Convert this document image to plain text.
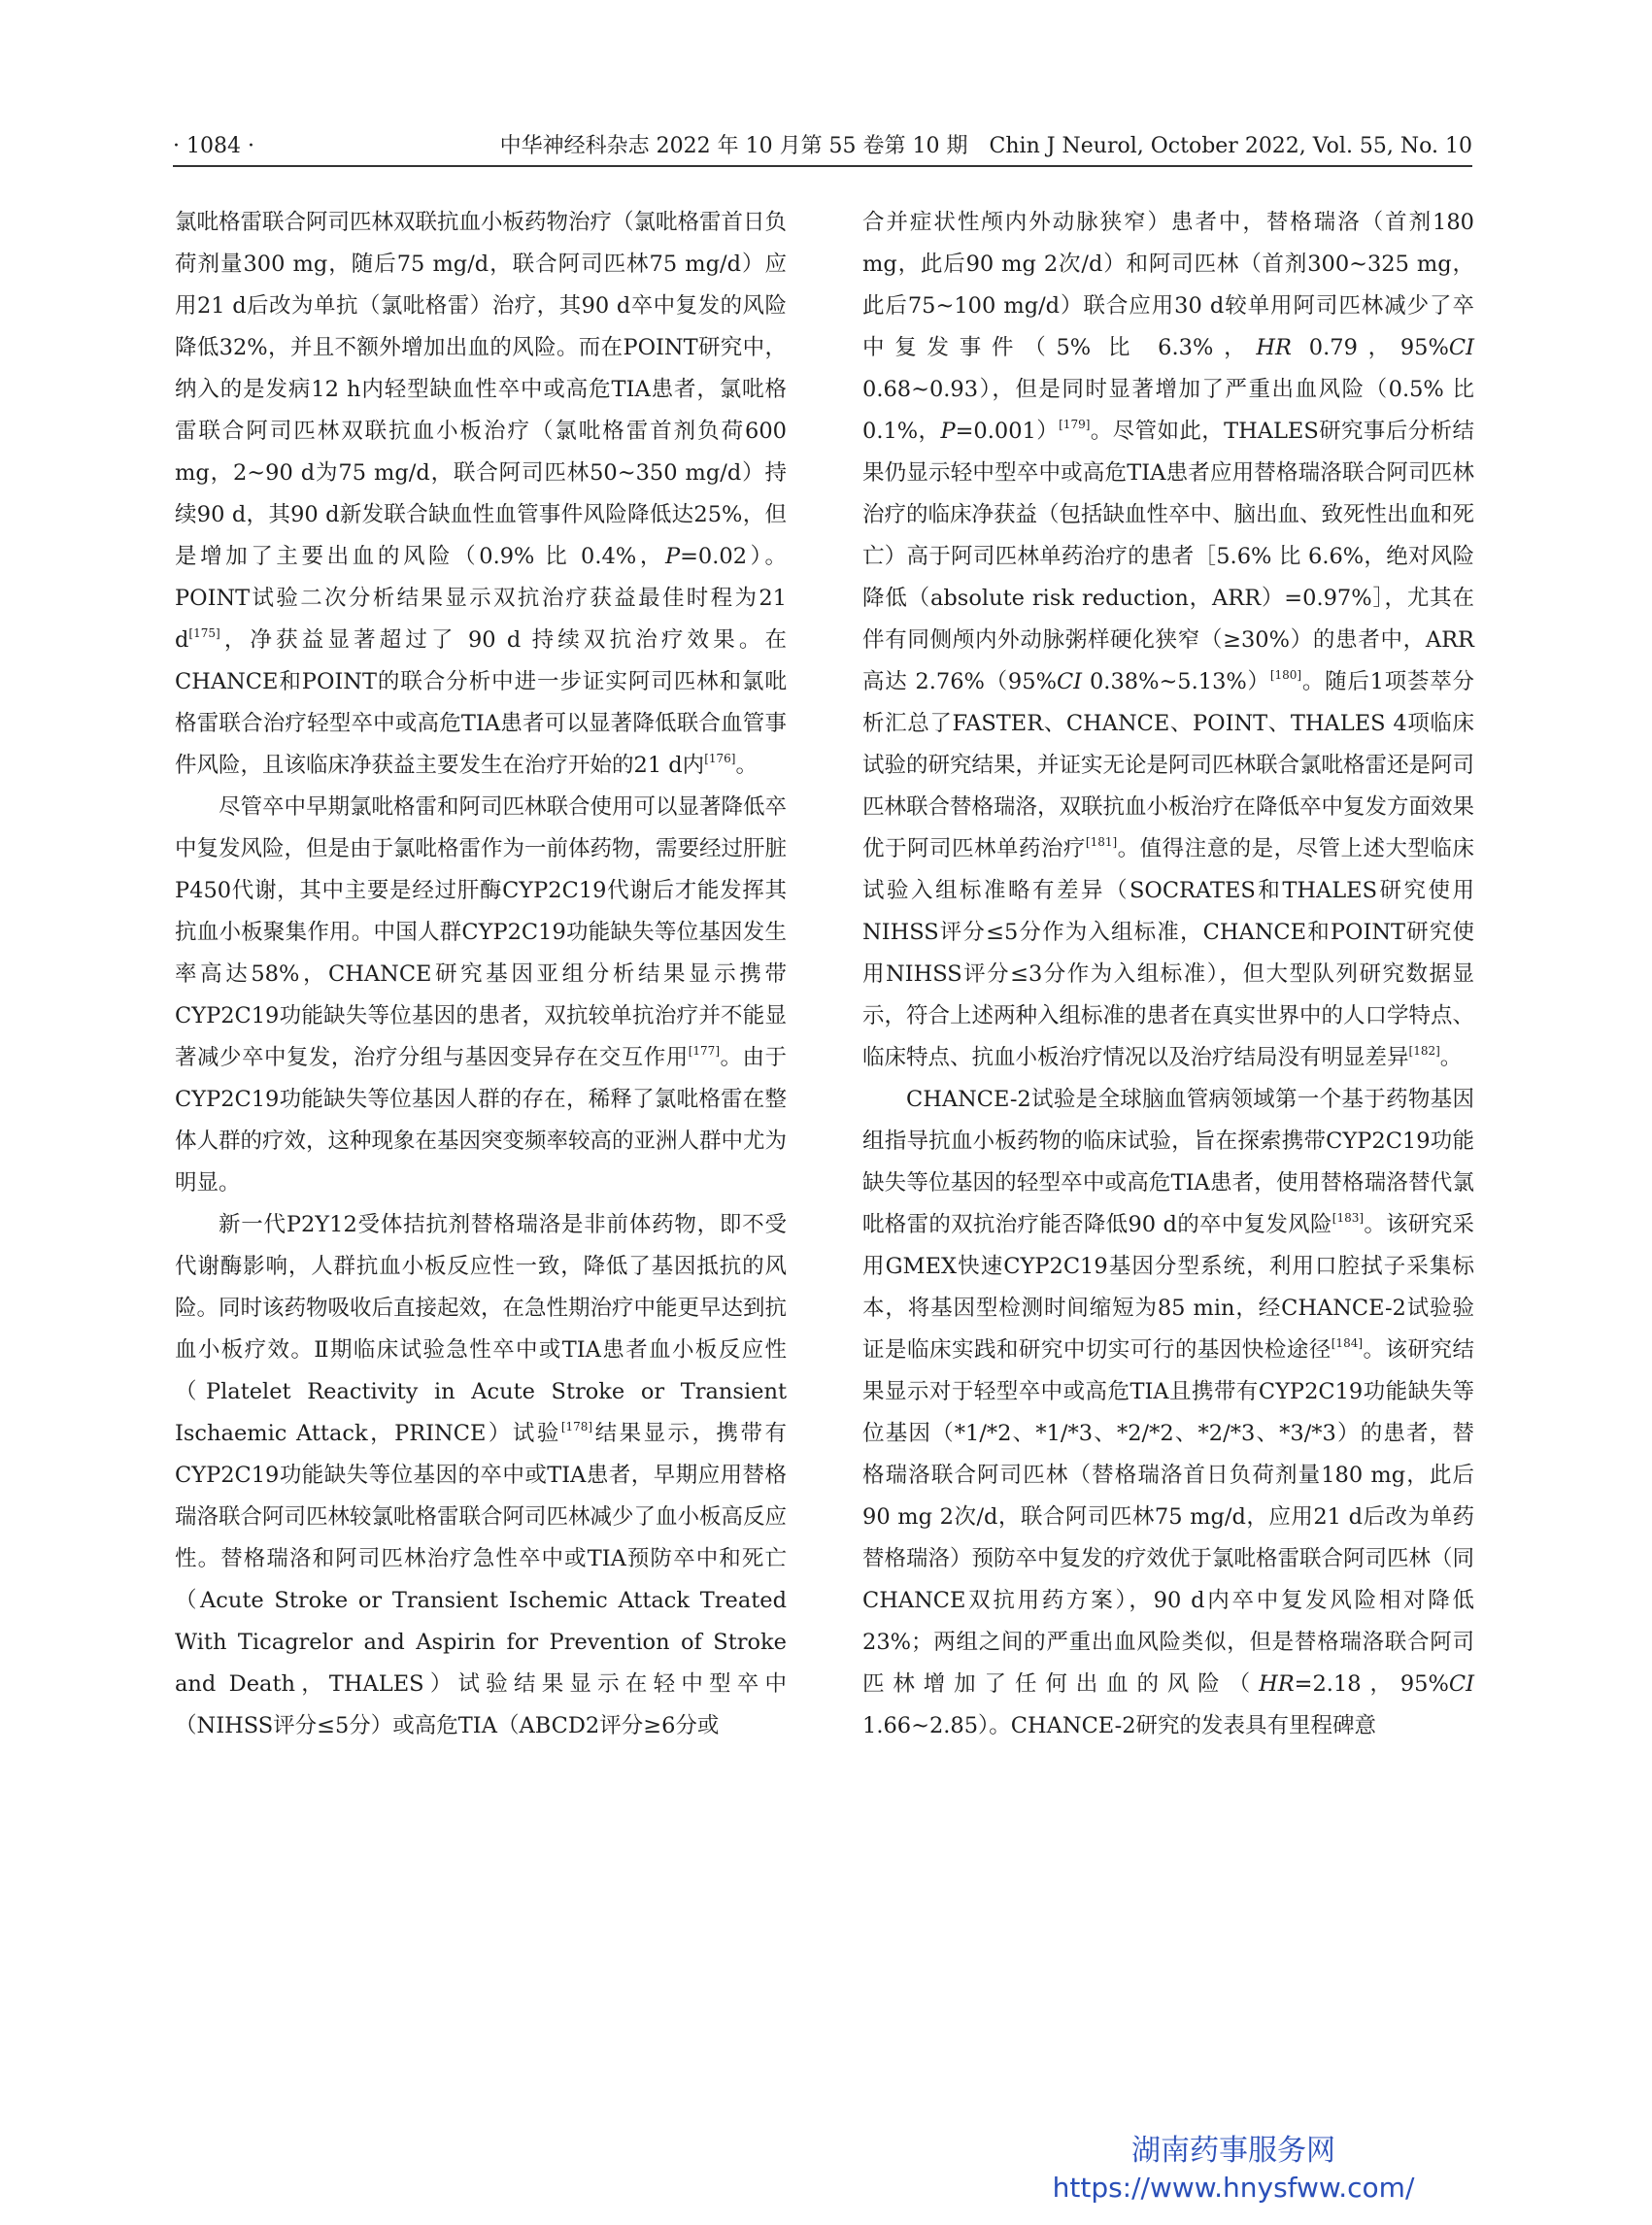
· 1084 ·	中华神经科杂志 2022 年 10 月第 55 卷第 10 期　Chin J Neurol, October 2022, Vol. 55, No. 10

氯吡格雷联合阿司匹林双联抗血小板药物治疗（氯吡格雷首日负荷剂量300 mg，随后75 mg/d，联合阿司匹林75 mg/d）应用21 d后改为单抗（氯吡格雷）治疗，其90 d卒中复发的风险降低32%，并且不额外增加出血的风险。而在POINT研究中，纳入的是发病12 h内轻型缺血性卒中或高危TIA患者，氯吡格雷联合阿司匹林双联抗血小板治疗（氯吡格雷首剂负荷600 mg，2~90 d为75 mg/d，联合阿司匹林50~350 mg/d）持续90 d，其90 d新发联合缺血性血管事件风险降低达25%，但是增加了主要出血的风险（0.9% 比 0.4%，P=0.02）。POINT试验二次分析结果显示双抗治疗获益最佳时程为21 d[175]，净获益显著超过了 90 d 持续双抗治疗效果。在CHANCE和POINT的联合分析中进一步证实阿司匹林和氯吡格雷联合治疗轻型卒中或高危TIA患者可以显著降低联合血管事件风险，且该临床净获益主要发生在治疗开始的21 d内[176]。

尽管卒中早期氯吡格雷和阿司匹林联合使用可以显著降低卒中复发风险，但是由于氯吡格雷作为一前体药物，需要经过肝脏P450代谢，其中主要是经过肝酶CYP2C19代谢后才能发挥其抗血小板聚集作用。中国人群CYP2C19功能缺失等位基因发生率高达58%，CHANCE研究基因亚组分析结果显示携带CYP2C19功能缺失等位基因的患者，双抗较单抗治疗并不能显著减少卒中复发，治疗分组与基因变异存在交互作用[177]。由于CYP2C19功能缺失等位基因人群的存在，稀释了氯吡格雷在整体人群的疗效，这种现象在基因突变频率较高的亚洲人群中尤为明显。

新一代P2Y12受体拮抗剂替格瑞洛是非前体药物，即不受代谢酶影响，人群抗血小板反应性一致，降低了基因抵抗的风险。同时该药物吸收后直接起效，在急性期治疗中能更早达到抗血小板疗效。Ⅱ期临床试验急性卒中或TIA患者血小板反应性（Platelet Reactivity in Acute Stroke or Transient Ischaemic Attack，PRINCE）试验[178]结果显示，携带有CYP2C19功能缺失等位基因的卒中或TIA患者，早期应用替格瑞洛联合阿司匹林较氯吡格雷联合阿司匹林减少了血小板高反应性。替格瑞洛和阿司匹林治疗急性卒中或TIA预防卒中和死亡（Acute Stroke or Transient Ischemic Attack Treated With Ticagrelor and Aspirin for Prevention of Stroke and Death，THALES）试验结果显示在轻中型卒中（NIHSS评分≤5分）或高危TIA（ABCD2评分≥6分或

合并症状性颅内外动脉狭窄）患者中，替格瑞洛（首剂180 mg，此后90 mg 2次/d）和阿司匹林（首剂300~325 mg，此后75~100 mg/d）联合应用30 d较单用阿司匹林减少了卒中复发事件（5% 比 6.3%，HR 0.79，95%CI 0.68~0.93），但是同时显著增加了严重出血风险（0.5% 比 0.1%，P=0.001）[179]。尽管如此，THALES研究事后分析结果仍显示轻中型卒中或高危TIA患者应用替格瑞洛联合阿司匹林治疗的临床净获益（包括缺血性卒中、脑出血、致死性出血和死亡）高于阿司匹林单药治疗的患者［5.6% 比 6.6%，绝对风险降低（absolute risk reduction，ARR）=0.97%］，尤其在伴有同侧颅内外动脉粥样硬化狭窄（≥30%）的患者中，ARR 高达 2.76%（95%CI 0.38%~5.13%）[180]。随后1项荟萃分析汇总了FASTER、CHANCE、POINT、THALES 4项临床试验的研究结果，并证实无论是阿司匹林联合氯吡格雷还是阿司匹林联合替格瑞洛，双联抗血小板治疗在降低卒中复发方面效果优于阿司匹林单药治疗[181]。值得注意的是，尽管上述大型临床试验入组标准略有差异（SOCRATES和THALES研究使用NIHSS评分≤5分作为入组标准，CHANCE和POINT研究使用NIHSS评分≤3分作为入组标准），但大型队列研究数据显示，符合上述两种入组标准的患者在真实世界中的人口学特点、临床特点、抗血小板治疗情况以及治疗结局没有明显差异[182]。

CHANCE-2试验是全球脑血管病领域第一个基于药物基因组指导抗血小板药物的临床试验，旨在探索携带CYP2C19功能缺失等位基因的轻型卒中或高危TIA患者，使用替格瑞洛替代氯吡格雷的双抗治疗能否降低90 d的卒中复发风险[183]。该研究采用GMEX快速CYP2C19基因分型系统，利用口腔拭子采集标本，将基因型检测时间缩短为85 min，经CHANCE-2试验验证是临床实践和研究中切实可行的基因快检途径[184]。该研究结果显示对于轻型卒中或高危TIA且携带有CYP2C19功能缺失等位基因（*1/*2、*1/*3、*2/*2、*2/*3、*3/*3）的患者，替格瑞洛联合阿司匹林（替格瑞洛首日负荷剂量180 mg，此后90 mg 2次/d，联合阿司匹林75 mg/d，应用21 d后改为单药替格瑞洛）预防卒中复发的疗效优于氯吡格雷联合阿司匹林（同CHANCE双抗用药方案），90 d内卒中复发风险相对降低23%；两组之间的严重出血风险类似，但是替格瑞洛联合阿司匹林增加了任何出血的风险（HR=2.18，95%CI 1.66~2.85）。CHANCE-2研究的发表具有里程碑意

湖南药事服务网
https://www.hnysfww.com/
